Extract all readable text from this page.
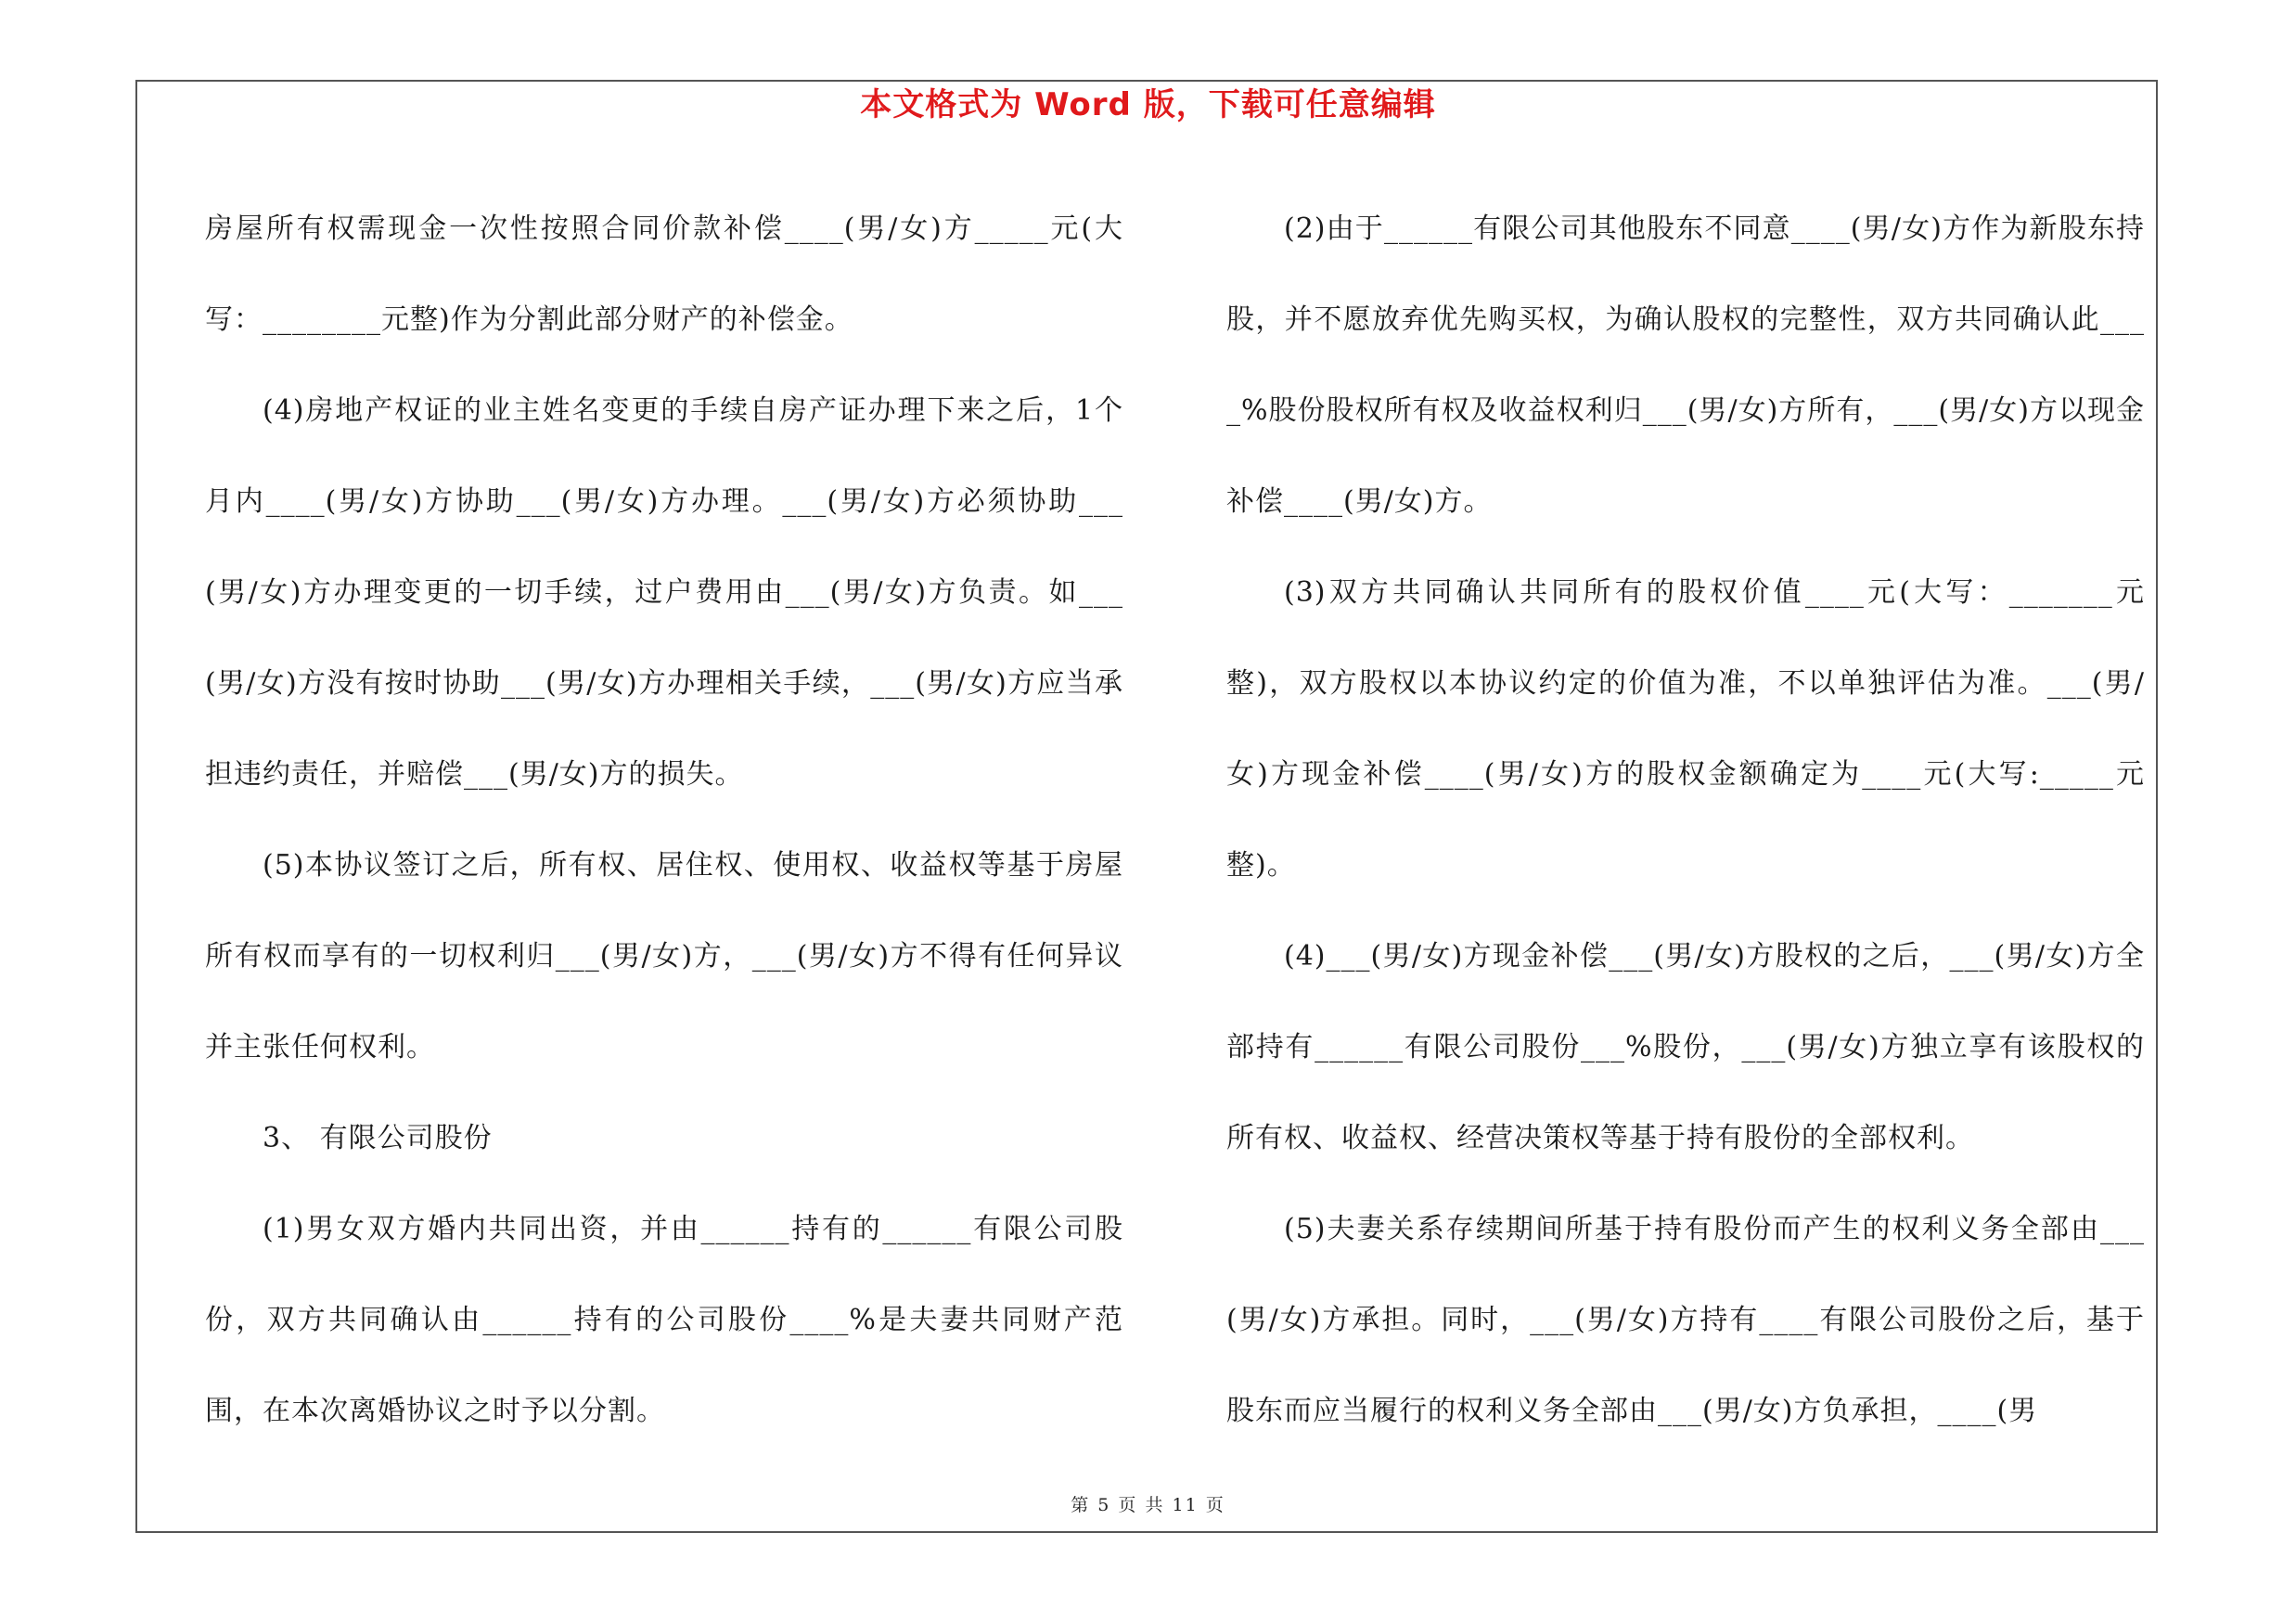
本文格式为 Word 版，下载可任意编辑

房屋所有权需现金一次性按照合同价款补偿____(男/女)方_____元(大写：________元整)作为分割此部分财产的补偿金。

(4)房地产权证的业主姓名变更的手续自房产证办理下来之后，1个月内____(男/女)方协助___(男/女)方办理。___(男/女)方必须协助___(男/女)方办理变更的一切手续，过户费用由___(男/女)方负责。如___(男/女)方没有按时协助___(男/女)方办理相关手续，___(男/女)方应当承担违约责任，并赔偿___(男/女)方的损失。

(5)本协议签订之后，所有权、居住权、使用权、收益权等基于房屋所有权而享有的一切权利归___(男/女)方，___(男/女)方不得有任何异议并主张任何权利。

3、 有限公司股份

(1)男女双方婚内共同出资，并由______持有的______有限公司股份，双方共同确认由______持有的公司股份____%是夫妻共同财产范围，在本次离婚协议之时予以分割。

(2)由于______有限公司其他股东不同意____(男/女)方作为新股东持股，并不愿放弃优先购买权，为确认股权的完整性，双方共同确认此____%股份股权所有权及收益权利归___(男/女)方所有，___(男/女)方以现金补偿____(男/女)方。

(3)双方共同确认共同所有的股权价值____元(大写：_______元整)，双方股权以本协议约定的价值为准，不以单独评估为准。___(男/女)方现金补偿____(男/女)方的股权金额确定为____元(大写:_____元整)。

(4)___(男/女)方现金补偿___(男/女)方股权的之后，___(男/女)方全部持有______有限公司股份___%股份，___(男/女)方独立享有该股权的所有权、收益权、经营决策权等基于持有股份的全部权利。

(5)夫妻关系存续期间所基于持有股份而产生的权利义务全部由___(男/女)方承担。同时，___(男/女)方持有____有限公司股份之后，基于股东而应当履行的权利义务全部由___(男/女)方负承担，____(男

第 5 页 共 11 页
